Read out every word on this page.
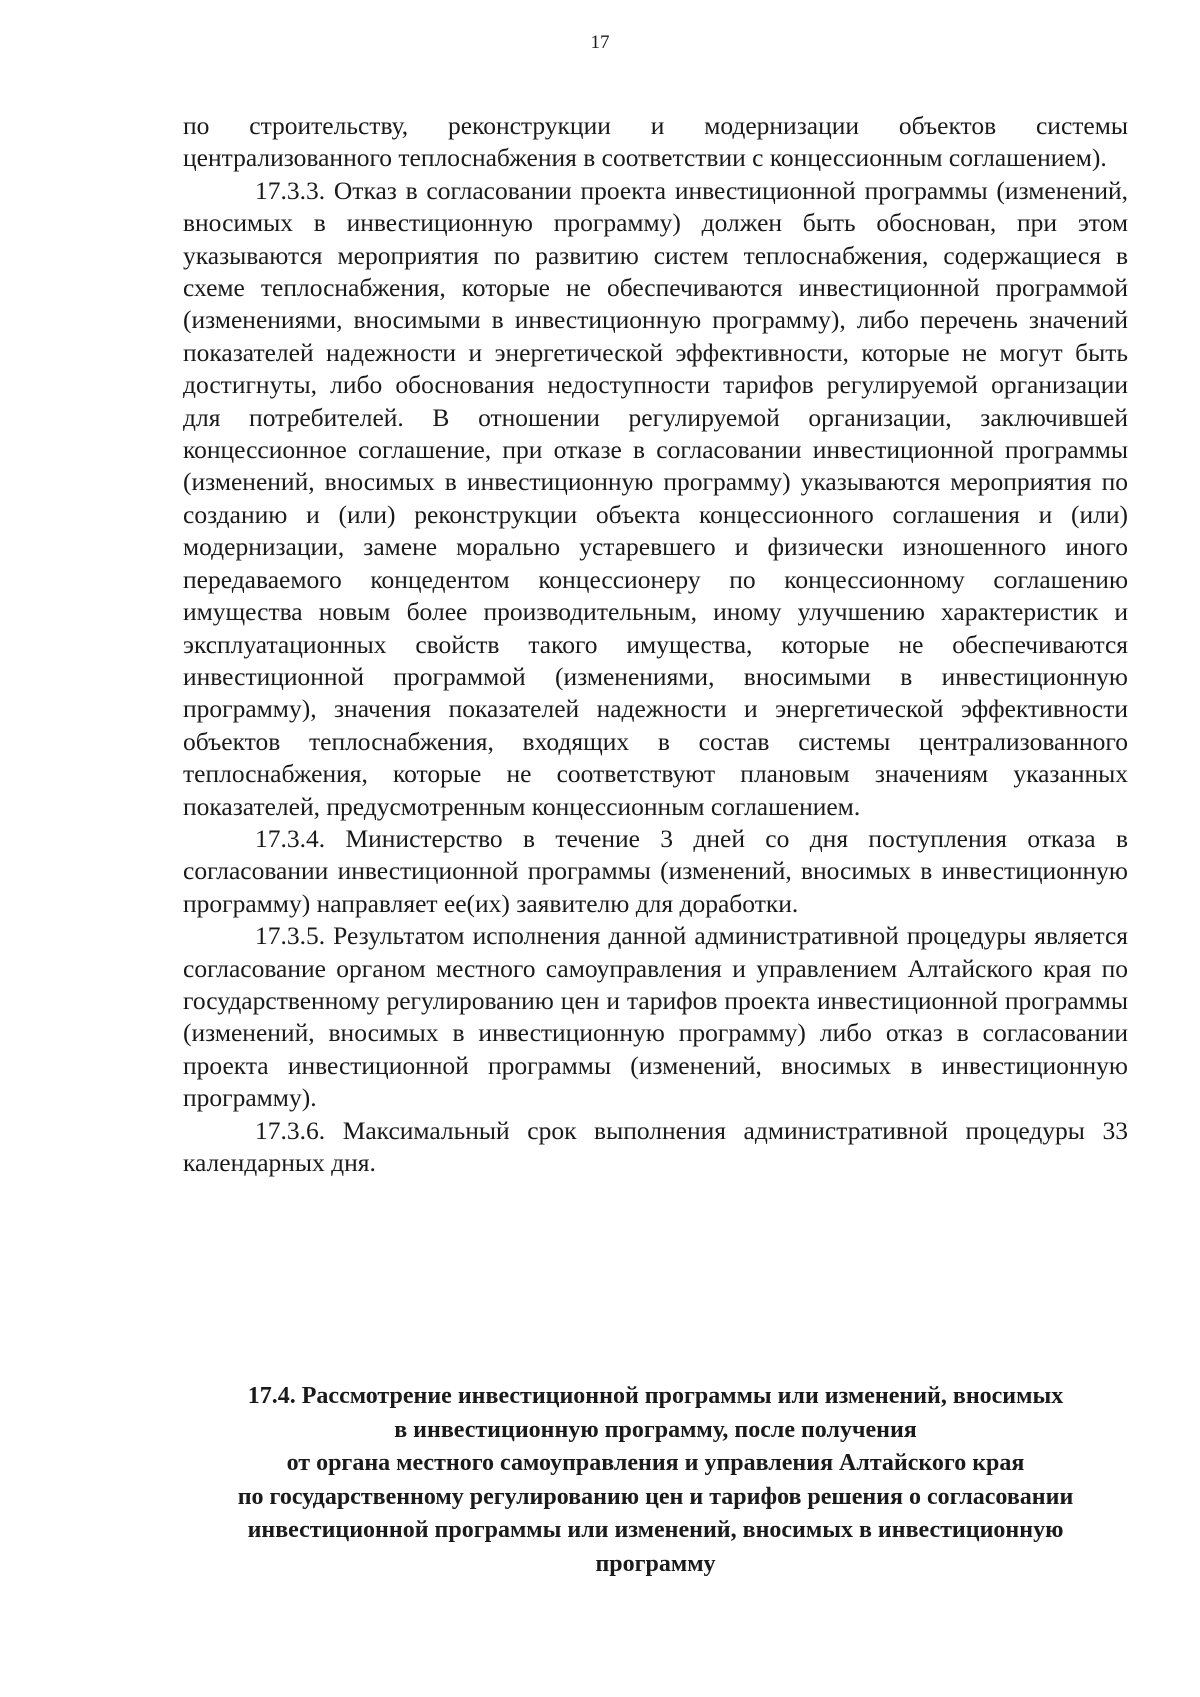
17

по строительству, реконструкции и модернизации объектов системы централизованного теплоснабжения в соответствии с концессионным соглашением).

17.3.3. Отказ в согласовании проекта инвестиционной программы (изменений, вносимых в инвестиционную программу) должен быть обоснован, при этом указываются мероприятия по развитию систем теплоснабжения, содержащиеся в схеме теплоснабжения, которые не обеспечиваются инвестиционной программой (изменениями, вносимыми в инвестиционную программу), либо перечень значений показателей надежности и энергетической эффективности, которые не могут быть достигнуты, либо обоснования недоступности тарифов регулируемой организации для потребителей. В отношении регулируемой организации, заключившей концессионное соглашение, при отказе в согласовании инвестиционной программы (изменений, вносимых в инвестиционную программу) указываются мероприятия по созданию и (или) реконструкции объекта концессионного соглашения и (или) модернизации, замене морально устаревшего и физически изношенного иного передаваемого концедентом концессионеру по концессионному соглашению имущества новым более производительным, иному улучшению характеристик и эксплуатационных свойств такого имущества, которые не обеспечиваются инвестиционной программой (изменениями, вносимыми в инвестиционную программу), значения показателей надежности и энергетической эффективности объектов теплоснабжения, входящих в состав системы централизованного теплоснабжения, которые не соответствуют плановым значениям указанных показателей, предусмотренным концессионным соглашением.

17.3.4. Министерство в течение 3 дней со дня поступления отказа в согласовании инвестиционной программы (изменений, вносимых в инвестиционную программу) направляет ее(их) заявителю для доработки.

17.3.5. Результатом исполнения данной административной процедуры является согласование органом местного самоуправления и управлением Алтайского края по государственному регулированию цен и тарифов проекта инвестиционной программы (изменений, вносимых в инвестиционную программу) либо отказ в согласовании проекта инвестиционной программы (изменений, вносимых в инвестиционную программу).

17.3.6. Максимальный срок выполнения административной процедуры 33 календарных дня.

17.4. Рассмотрение инвестиционной программы или изменений, вносимых
в инвестиционную программу, после получения
от органа местного самоуправления и управления Алтайского края
по государственному регулированию цен и тарифов решения о согласовании
инвестиционной программы или изменений, вносимых в инвестиционную
программу
